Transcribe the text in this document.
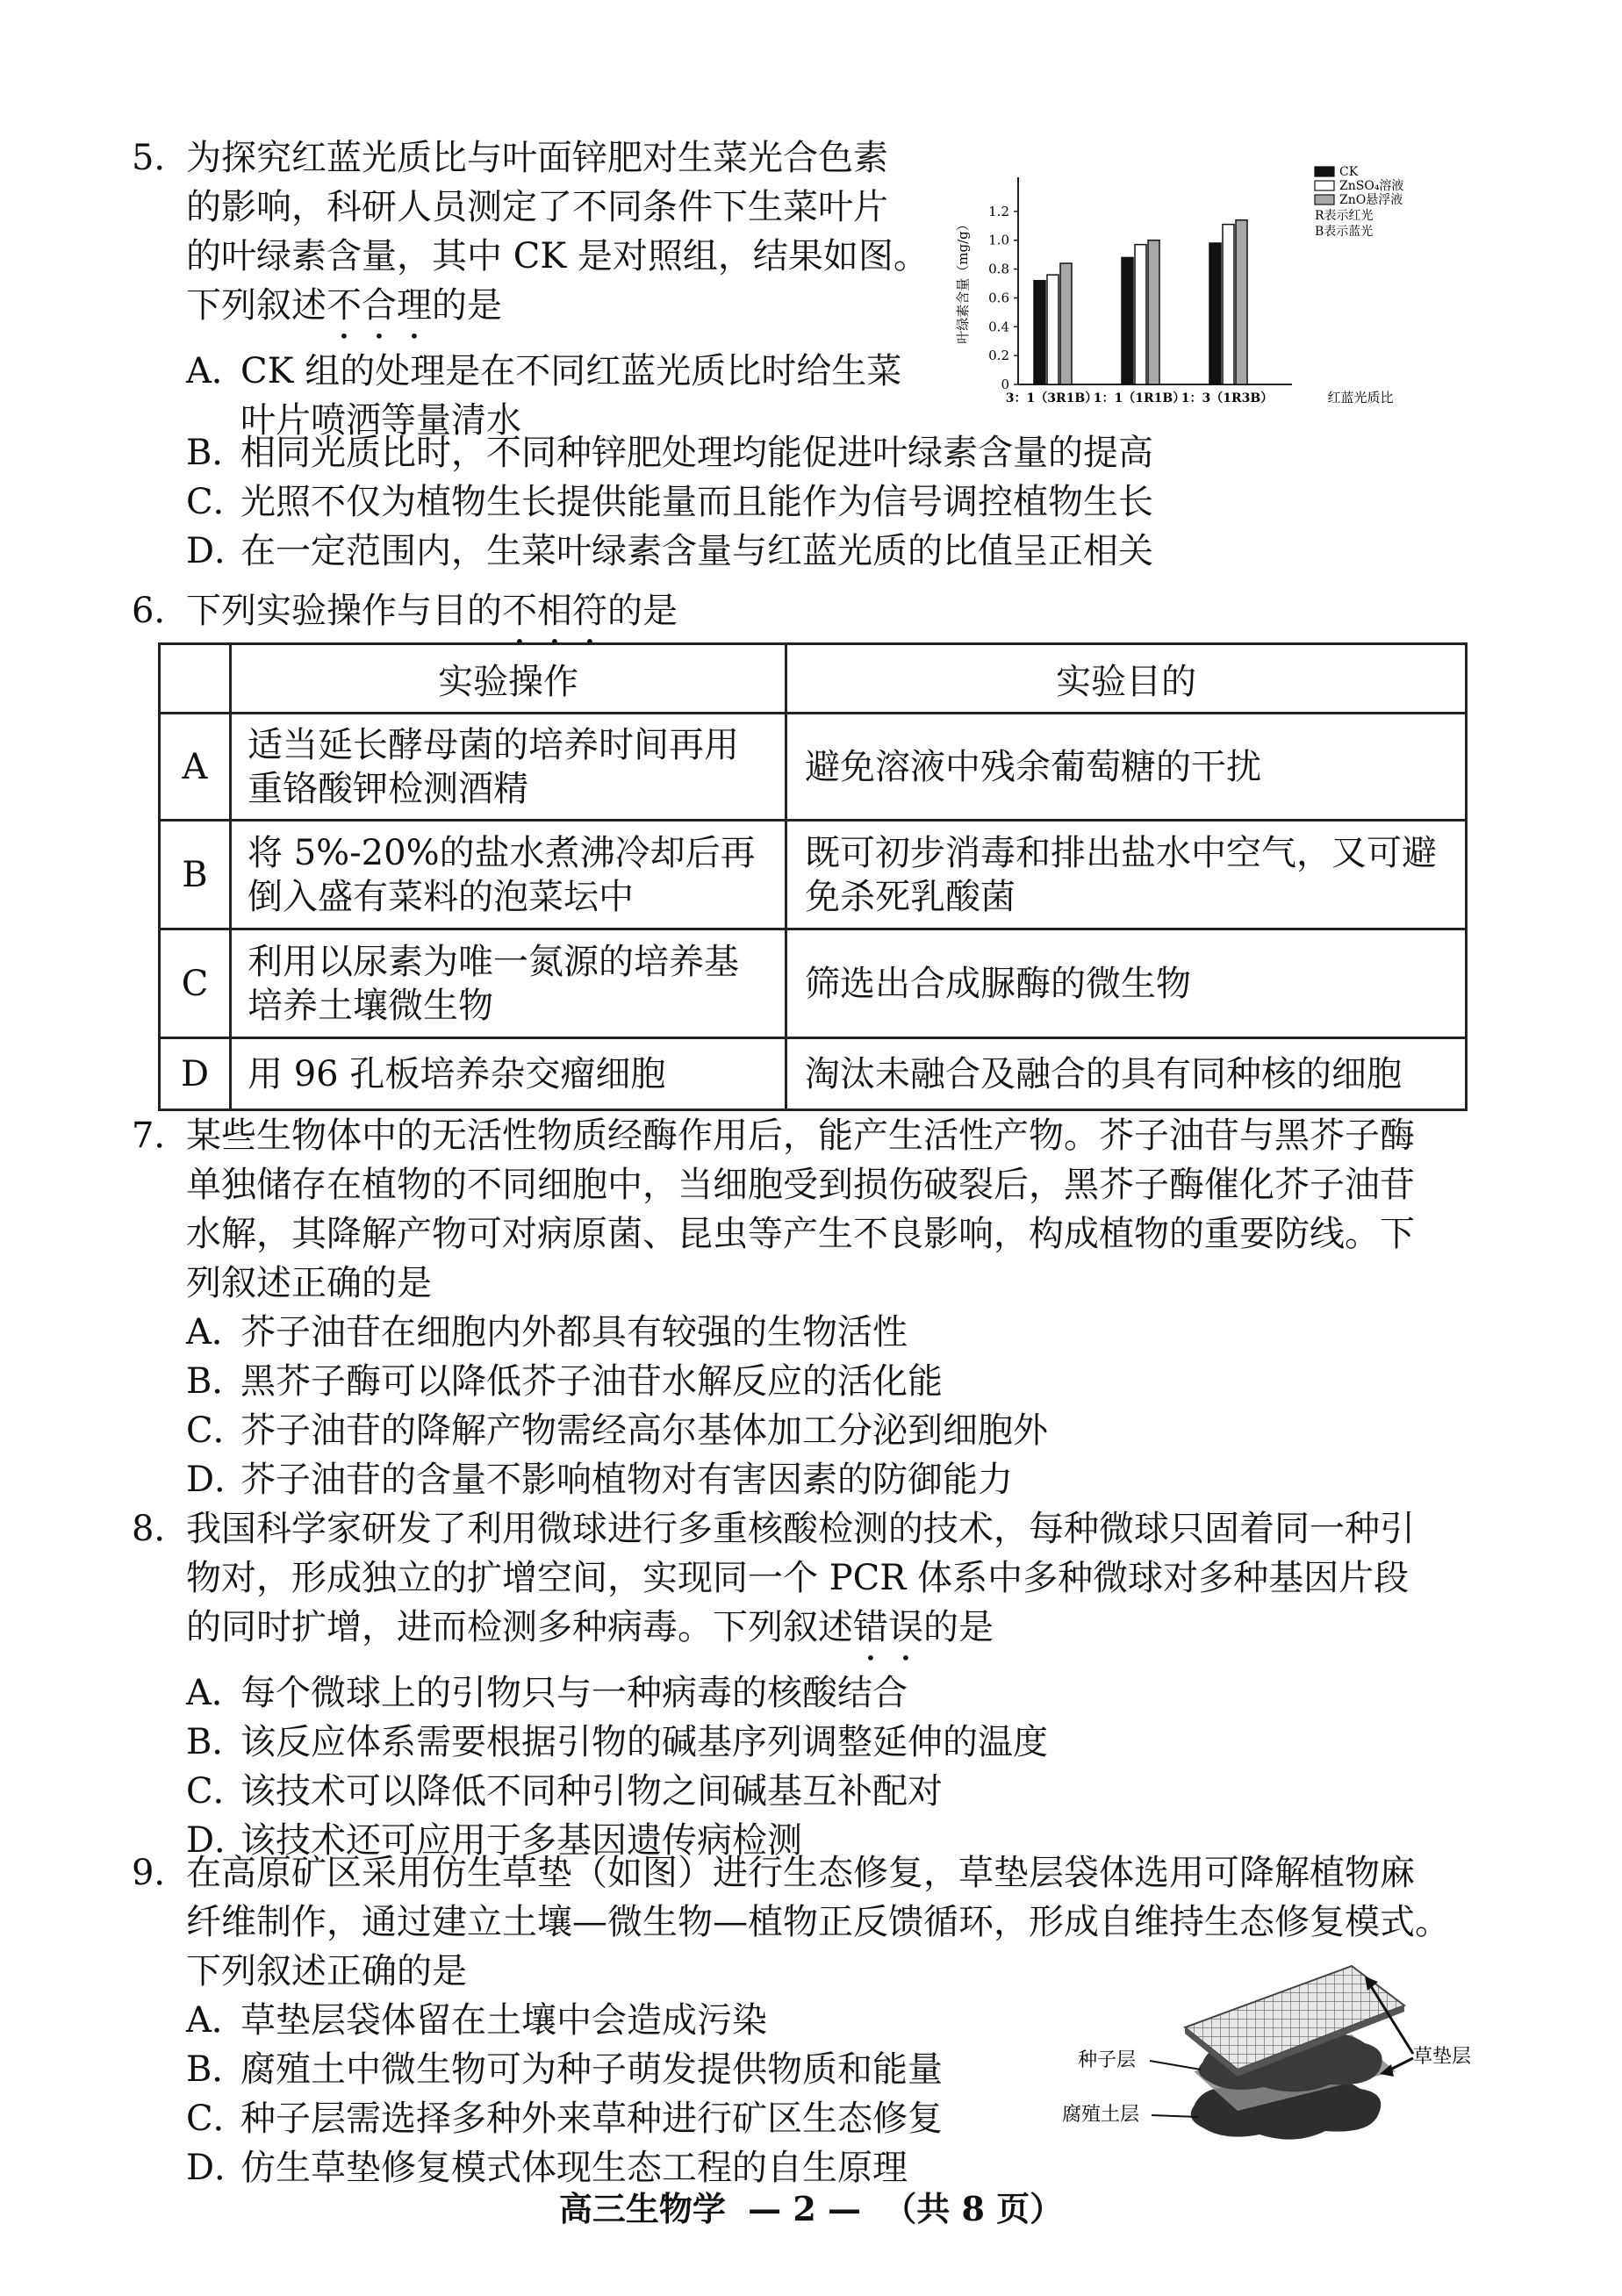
5．
为探究红蓝光质比与叶面锌肥对生菜光合色素
的影响，科研人员测定了不同条件下生菜叶片
的叶绿素含量，其中 CK 是对照组，结果如图。
下列叙述不合理的是
A．CK 组的处理是在不同红蓝光质比时给生菜
叶片喷洒等量清水
B．相同光质比时，不同种锌肥处理均能促进叶绿素含量的提高
C．光照不仅为植物生长提供能量而且能作为信号调控植物生长
D．在一定范围内，生菜叶绿素含量与红蓝光质的比值呈正相关
0
0.2
0.4
0.6
0.8
1.0
1.2
叶绿素含量（mg/g）
3：1（3R1B）
1：1（1R1B）
1：3（1R3B）	红蓝光质比
CK
ZnSO₄溶液
ZnO悬浮液
R表示红光
B表示蓝光
6．
下列实验操作与目的不相符的是
	实验操作	实验目的
A	适当延长酵母菌的培养时间再用重铬酸钾检测酒精	避免溶液中残余葡萄糖的干扰
B	将 5%-20%的盐水煮沸冷却后再倒入盛有菜料的泡菜坛中	既可初步消毒和排出盐水中空气，又可避免杀死乳酸菌
C	利用以尿素为唯一氮源的培养基培养土壤微生物	筛选出合成脲酶的微生物
D	用 96 孔板培养杂交瘤细胞	淘汰未融合及融合的具有同种核的细胞
7．
某些生物体中的无活性物质经酶作用后，能产生活性产物。芥子油苷与黑芥子酶
单独储存在植物的不同细胞中，当细胞受到损伤破裂后，黑芥子酶催化芥子油苷
水解，其降解产物可对病原菌、昆虫等产生不良影响，构成植物的重要防线。下
列叙述正确的是
A．芥子油苷在细胞内外都具有较强的生物活性
B．黑芥子酶可以降低芥子油苷水解反应的活化能
C．芥子油苷的降解产物需经高尔基体加工分泌到细胞外
D．芥子油苷的含量不影响植物对有害因素的防御能力
8．
我国科学家研发了利用微球进行多重核酸检测的技术，每种微球只固着同一种引
物对，形成独立的扩增空间，实现同一个 PCR 体系中多种微球对多种基因片段
的同时扩增，进而检测多种病毒。下列叙述错误的是
A．每个微球上的引物只与一种病毒的核酸结合
B．该反应体系需要根据引物的碱基序列调整延伸的温度
C．该技术可以降低不同种引物之间碱基互补配对
D．该技术还可应用于多基因遗传病检测
9．
在高原矿区采用仿生草垫（如图）进行生态修复，草垫层袋体选用可降解植物麻
纤维制作，通过建立土壤—微生物—植物正反馈循环，形成自维持生态修复模式。
下列叙述正确的是
A．草垫层袋体留在土壤中会造成污染
B．腐殖土中微生物可为种子萌发提供物质和能量
C．种子层需选择多种外来草种进行矿区生态修复
D．仿生草垫修复模式体现生态工程的自生原理
种子层
腐殖土层
草垫层
高三生物学 — 2 — （共 8 页）
